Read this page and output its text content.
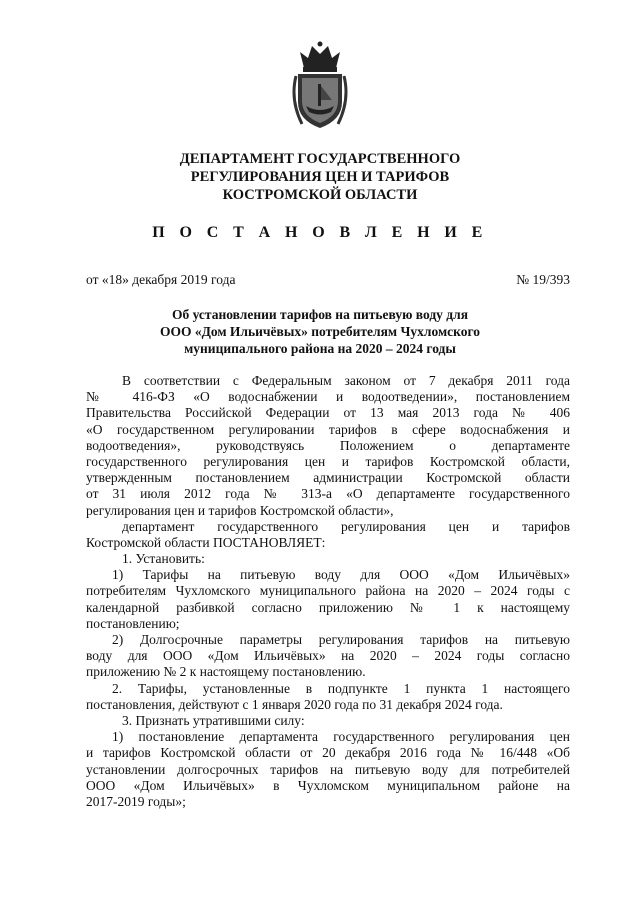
ДЕПАРТАМЕНТ ГОСУДАРСТВЕННОГО
РЕГУЛИРОВАНИЯ ЦЕН И ТАРИФОВ
КОСТРОМСКОЙ ОБЛАСТИ
П О С Т А Н О В Л Е Н И Е
от «18» декабря 2019 года	№ 19/393
Об установлении тарифов на питьевую воду для
ООО «Дом Ильичёвых» потребителям Чухломского
муниципального района на 2020 – 2024 годы
В соответствии с Федеральным законом от 7 декабря 2011 года
№ 416-ФЗ «О водоснабжении и водоотведении», постановлением
Правительства Российской Федерации от 13 мая 2013 года № 406
«О государственном регулировании тарифов в сфере водоснабжения и
водоотведения», руководствуясь Положением о департаменте
государственного регулирования цен и тарифов Костромской области,
утвержденным постановлением администрации Костромской области
от 31 июля 2012 года № 313-а «О департаменте государственного
регулирования цен и тарифов Костромской области»,
департамент государственного регулирования цен и тарифов
Костромской области ПОСТАНОВЛЯЕТ:
1. Установить:
1) Тарифы на питьевую воду для ООО «Дом Ильичёвых»
потребителям Чухломского муниципального района на 2020 – 2024 годы с
календарной разбивкой согласно приложению № 1 к настоящему
постановлению;
2) Долгосрочные параметры регулирования тарифов на питьевую
воду для ООО «Дом Ильичёвых» на 2020 – 2024 годы согласно
приложению № 2 к настоящему постановлению.
2. Тарифы, установленные в подпункте 1 пункта 1 настоящего
постановления, действуют с 1 января 2020 года по 31 декабря 2024 года.
3. Признать утратившими силу:
1) постановление департамента государственного регулирования цен
и тарифов Костромской области от 20 декабря 2016 года № 16/448 «Об
установлении долгосрочных тарифов на питьевую воду для потребителей
ООО «Дом Ильичёвых» в Чухломском муниципальном районе на
2017-2019 годы»;
